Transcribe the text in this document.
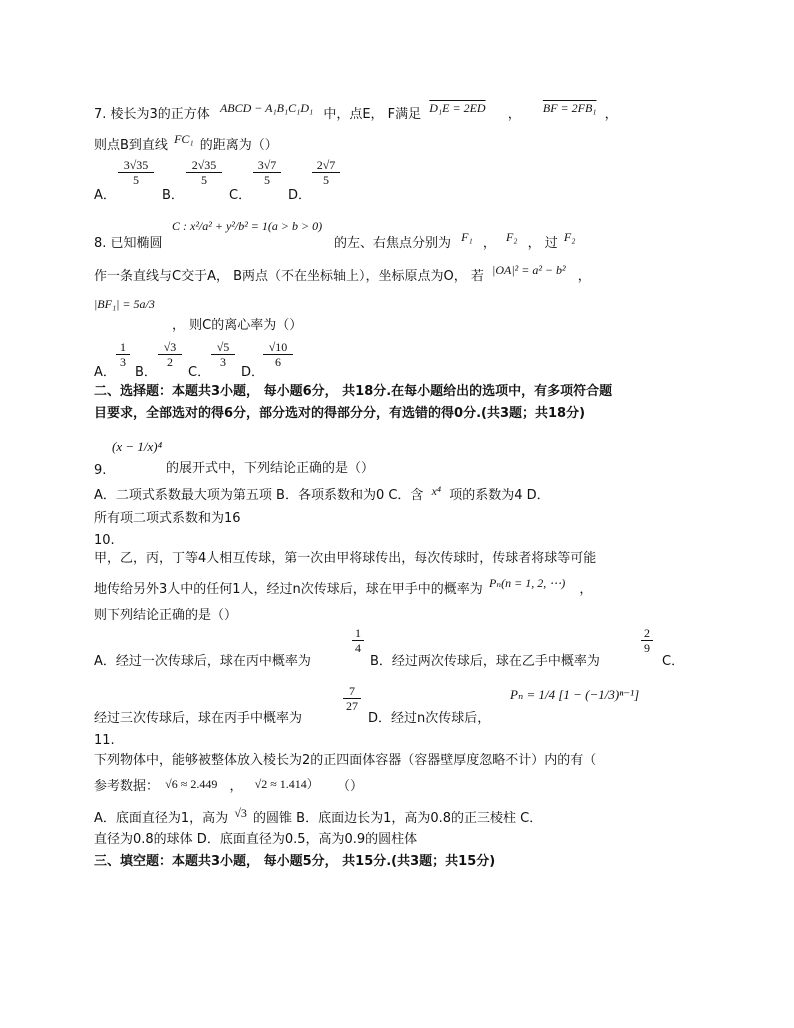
7. 棱长为3的正方体 ABCD − A₁B₁C₁D₁ 中，点E， F满足 D₁E = 2ED ， BF = 2FB₁ ，
则点B到直线 FC₁ 的距离为（）
A．
3√35
5
B．
2√35
5
C．
3√7
5
D．
2√7
5
8. 已知椭圆
C : x²/a² + y²/b² = 1(a > b > 0)
的左、右焦点分别为 F₁ ， F₂ ， 过 F₂
作一条直线与C交于A， B两点（不在坐标轴上），坐标原点为O， 若 |OA|² = a² − b² ，
|BF₁| = 5a/3
， 则C的离心率为（）
A．
1
3
B．
√3
2
C．
√5
3
D．
√10
6
二、选择题：本题共3小题， 每小题6分， 共18分.在每小题给出的选项中，有多项符合题
目要求，全部选对的得6分，部分选对的得部分分，有选错的得0分.(共3题；共18分)
(x − 1/x)⁴
9.	的展开式中，下列结论正确的是（）
A．二项式系数最大项为第五项 B．各项系数和为0 C．含 x⁴ 项的系数为4 D．
所有项二项式系数和为16
10.
甲，乙，丙，丁等4人相互传球，第一次由甲将球传出，每次传球时，传球者将球等可能
地传给另外3人中的任何1人，经过n次传球后，球在甲手中的概率为 Pₙ(n = 1, 2, ⋯) ，
则下列结论正确的是（）
A．经过一次传球后，球在丙中概率为
1
4
B．经过两次传球后，球在乙手中概率为
2
9
C．
经过三次传球后，球在丙手中概率为
7
27
D．经过n次传球后，
Pₙ = 1/4 [1 − (−1/3)ⁿ⁻¹]
11.
下列物体中，能够被整体放入棱长为2的正四面体容器（容器壁厚度忽略不计）内的有（
参考数据： √6 ≈ 2.449 ， √2 ≈ 1.414） （）
A．底面直径为1，高为 √3 的圆锥 B．底面边长为1，高为0.8的正三棱柱 C．
直径为0.8的球体 D．底面直径为0.5，高为0.9的圆柱体
三、填空题：本题共3小题， 每小题5分， 共15分.(共3题；共15分)
